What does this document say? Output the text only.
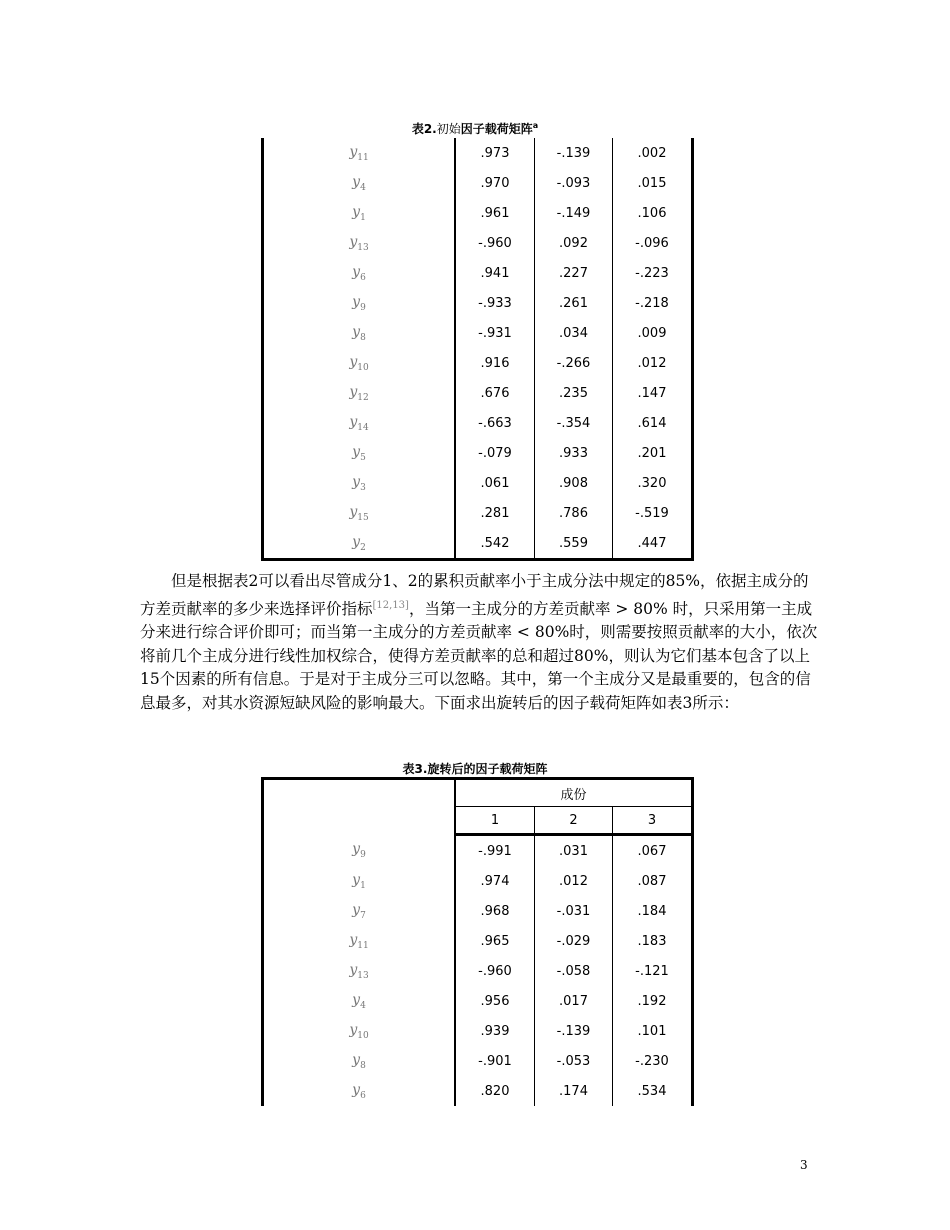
表2.初始因子载荷矩阵$^a$
$y_{11}$	.973	-.139	.002
$y_4$	.970	-.093	.015
$y_1$	.961	-.149	.106
$y_{13}$	-.960	.092	-.096
$y_6$	.941	.227	-.223
$y_9$	-.933	.261	-.218
$y_8$	-.931	.034	.009
$y_{10}$	.916	-.266	.012
$y_{12}$	.676	.235	.147
$y_{14}$	-.663	-.354	.614
$y_5$	-.079	.933	.201
$y_3$	.061	.908	.320
$y_{15}$	.281	.786	-.519
$y_2$	.542	.559	.447

但是根据表2可以看出尽管成分1、2的累积贡献率小于主成分法中规定的85%，依据主成分的方差贡献率的多少来选择评价指标[12,13]，当第一主成分的方差贡献率 > 80% 时，只采用第一主成分来进行综合评价即可；而当第一主成分的方差贡献率 < 80%时，则需要按照贡献率的大小，依次将前几个主成分进行线性加权综合，使得方差贡献率的总和超过80%，则认为它们基本包含了以上15个因素的所有信息。于是对于主成分三可以忽略。其中，第一个主成分又是最重要的，包含的信息最多，对其水资源短缺风险的影响最大。下面求出旋转后的因子载荷矩阵如表3所示：

表3.旋转后的因子载荷矩阵
	成份		
	1	2	3
$y_9$	-.991	.031	.067
$y_1$	.974	.012	.087
$y_7$	.968	-.031	.184
$y_{11}$	.965	-.029	.183
$y_{13}$	-.960	-.058	-.121
$y_4$	.956	.017	.192
$y_{10}$	.939	-.139	.101
$y_8$	-.901	-.053	-.230
$y_6$	.820	.174	.534
3
